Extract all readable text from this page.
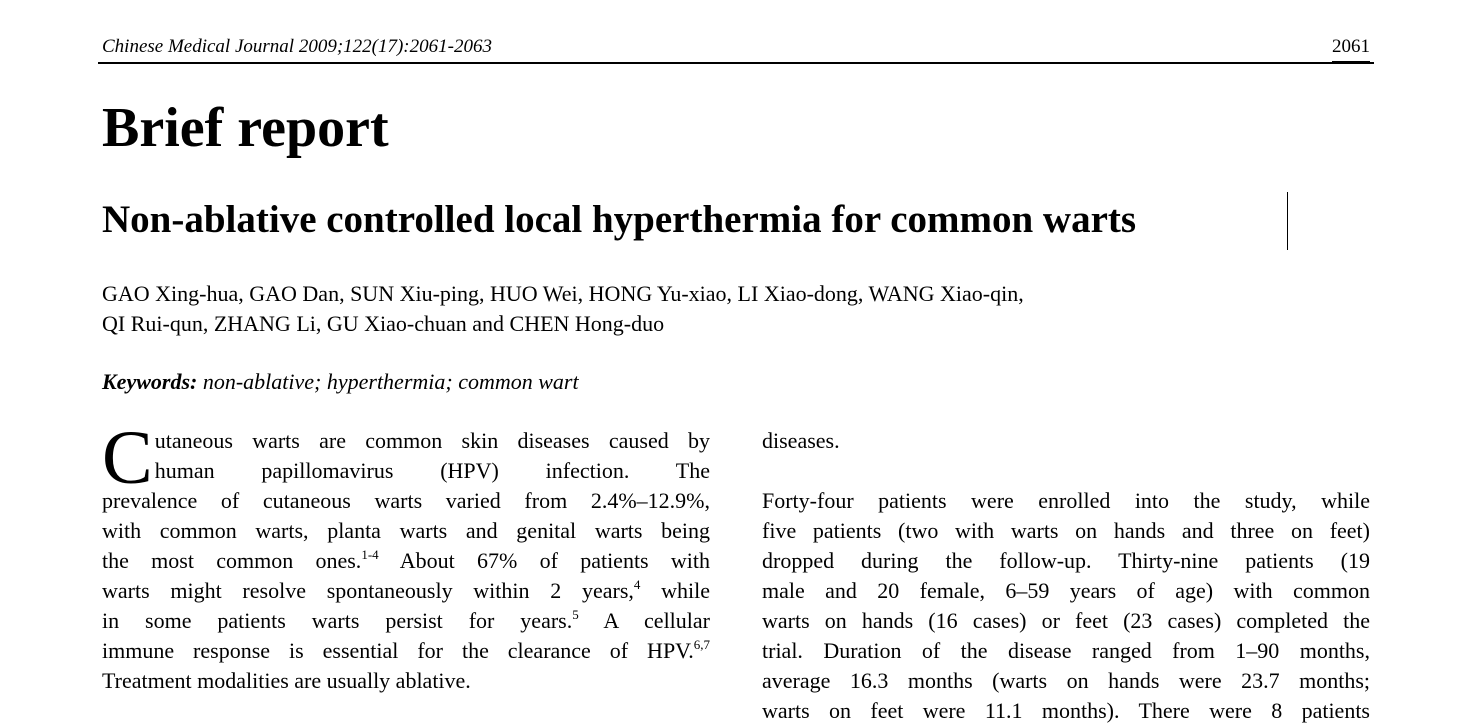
Chinese Medical Journal 2009;122(17):2061-2063	2061
Brief report
Non-ablative controlled local hyperthermia for common warts
GAO Xing-hua, GAO Dan, SUN Xiu-ping, HUO Wei, HONG Yu-xiao, LI Xiao-dong, WANG Xiao-qin,
QI Rui-qun, ZHANG Li, GU Xiao-chuan and CHEN Hong-duo
Keywords: non-ablative; hyperthermia; common wart
C utaneous warts are common skin diseases caused by
human papillomavirus (HPV) infection. The
prevalence of cutaneous warts varied from 2.4%–12.9%,
with common warts, planta warts and genital warts being
the most common ones.$^{1-4}$ About 67% of patients with
warts might resolve spontaneously within 2 years,$^4$ while
in some patients warts persist for years.$^5$ A cellular
immune response is essential for the clearance of HPV.$^{6,7}$
Treatment modalities are usually ablative.
diseases.
Forty-four patients were enrolled into the study, while
five patients (two with warts on hands and three on feet)
dropped during the follow-up. Thirty-nine patients (19
male and 20 female, 6–59 years of age) with common
warts on hands (16 cases) or feet (23 cases) completed the
trial. Duration of the disease ranged from 1–90 months,
average 16.3 months (warts on hands were 23.7 months;
warts on feet were 11.1 months). There were 8 patients
